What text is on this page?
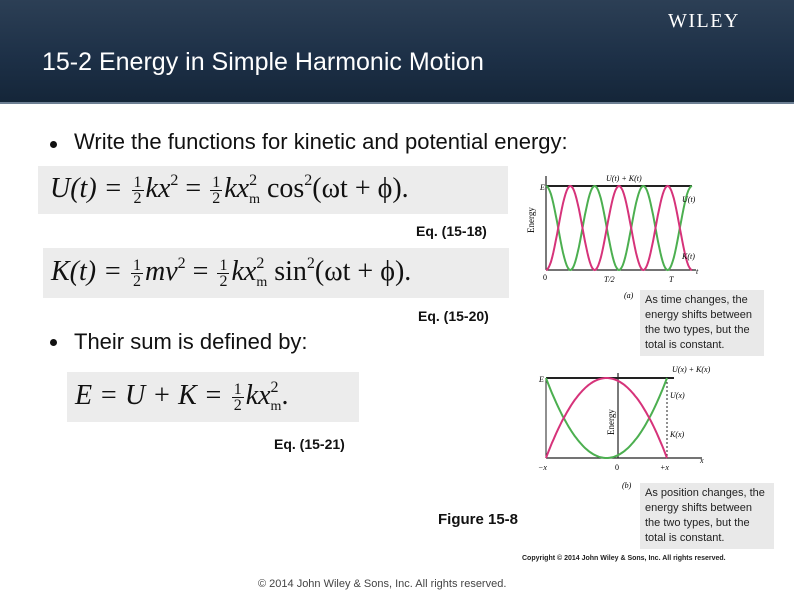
WILEY
15-2 Energy in Simple Harmonic Motion
Write the functions for kinetic and potential energy:
$U(t) = \frac{1}{2} kx^2 = \frac{1}{2} kx^2_m$ $\cos^2(\omega t + \phi)$.
Eq. (15-18)
$K(t) = \frac{1}{2} mv^2 = \frac{1}{2} kx^2_m$ $\sin^2(\omega t + \phi)$.
Eq. (15-20)
Their sum is defined by:
$E = U + K = \frac{1}{2} kx^2_m$.
Eq. (15-21)
Energy
E
U(t) + K(t)
U(t)
K(t)
0	T/2	T
t
(a)	As time changes, the energy shifts between the two types, but the total is constant.
Energy
E
U(x) + K(x)
U(x)
K(x)
−x	0	+x
x
(b)
As position changes, the energy shifts between the two types, but the total is constant.
Figure 15-8
Copyright © 2014 John Wiley & Sons, Inc. All rights reserved.
© 2014 John Wiley & Sons, Inc. All rights reserved.
